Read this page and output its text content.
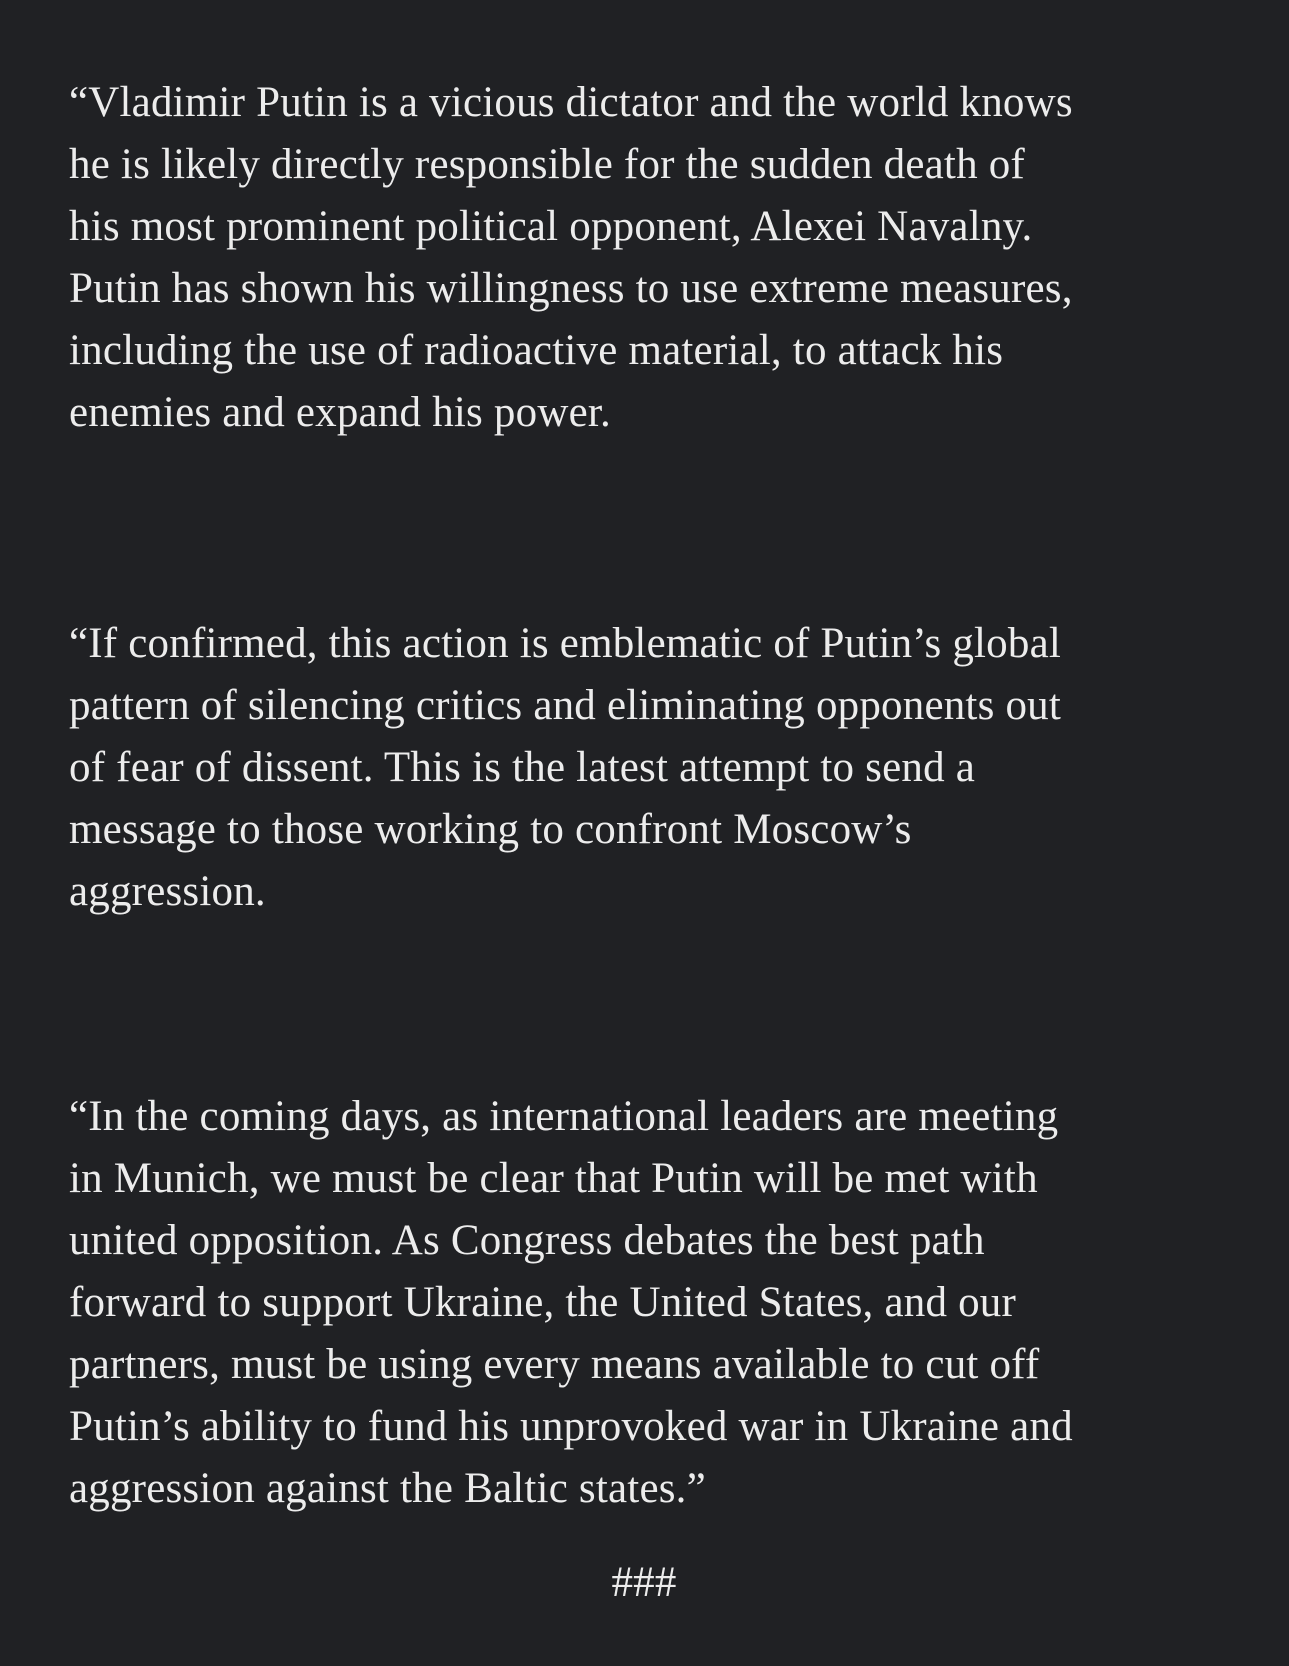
“Vladimir Putin is a vicious dictator and the world knows
he is likely directly responsible for the sudden death of
his most prominent political opponent, Alexei Navalny.
Putin has shown his willingness to use extreme measures,
including the use of radioactive material, to attack his
enemies and expand his power.

“If confirmed, this action is emblematic of Putin’s global
pattern of silencing critics and eliminating opponents out
of fear of dissent. This is the latest attempt to send a
message to those working to confront Moscow’s
aggression.

“In the coming days, as international leaders are meeting
in Munich, we must be clear that Putin will be met with
united opposition. As Congress debates the best path
forward to support Ukraine, the United States, and our
partners, must be using every means available to cut off
Putin’s ability to fund his unprovoked war in Ukraine and
aggression against the Baltic states.”

###
